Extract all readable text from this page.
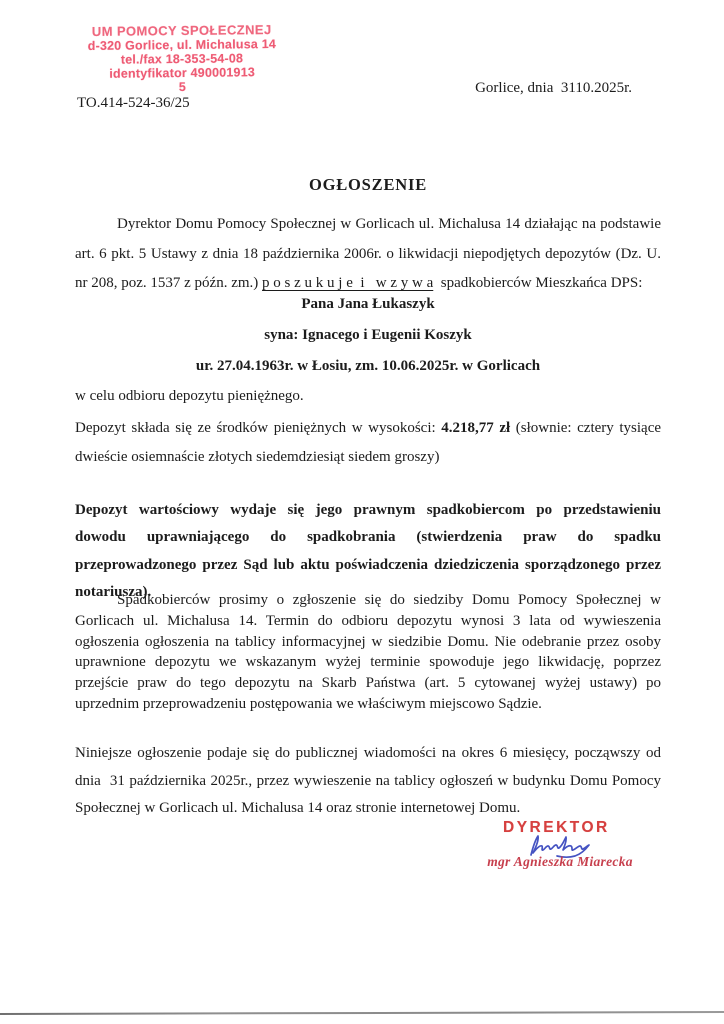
UM POMOCY SPOŁECZNEJ
d-320 Gorlice, ul. Michalusa 14
tel./fax 18-353-54-08
identyfikator 490001913
5	Gorlice, dnia  3110.2025r.
TO.414-524-36/25
OGŁOSZENIE

Dyrektor Domu Pomocy Społecznej w Gorlicach ul. Michalusa 14 działając na podstawie art. 6 pkt. 5 Ustawy z dnia 18 października 2006r. o likwidacji niepodjętych depozytów (Dz. U. nr 208, poz. 1537 z późn. zm.) p o s z u k u j e  i   w z y w a  spadkobierców Mieszkańca DPS:

Pana Jana Łukaszyk
syna: Ignacego i Eugenii Koszyk
ur. 27.04.1963r. w Łosiu, zm. 10.06.2025r. w Gorlicach

w celu odbioru depozytu pieniężnego.

Depozyt składa się ze środków pieniężnych w wysokości: 4.218,77 zł (słownie: cztery tysiące dwieście osiemnaście złotych siedemdziesiąt siedem groszy)

Depozyt wartościowy wydaje się jego prawnym spadkobiercom po przedstawieniu dowodu uprawniającego do spadkobrania (stwierdzenia praw do spadku przeprowadzonego przez Sąd lub aktu poświadczenia dziedziczenia sporządzonego przez notariusza).

Spadkobierców prosimy o zgłoszenie się do siedziby Domu Pomocy Społecznej w Gorlicach ul. Michalusa 14. Termin do odbioru depozytu wynosi 3 lata od wywieszenia ogłoszenia ogłoszenia na tablicy informacyjnej w siedzibie Domu. Nie odebranie przez osoby uprawnione depozytu we wskazanym wyżej terminie spowoduje jego likwidację, poprzez przejście praw do tego depozytu na Skarb Państwa (art. 5 cytowanej wyżej ustawy) po uprzednim przeprowadzeniu postępowania we właściwym miejscowo Sądzie.

Niniejsze ogłoszenie podaje się do publicznej wiadomości na okres 6 miesięcy, począwszy od dnia  31 października 2025r., przez wywieszenie na tablicy ogłoszeń w budynku Domu Pomocy Społecznej w Gorlicach ul. Michalusa 14 oraz stronie internetowej Domu.

DYREKTOR
mgr Agnieszka Miarecka
